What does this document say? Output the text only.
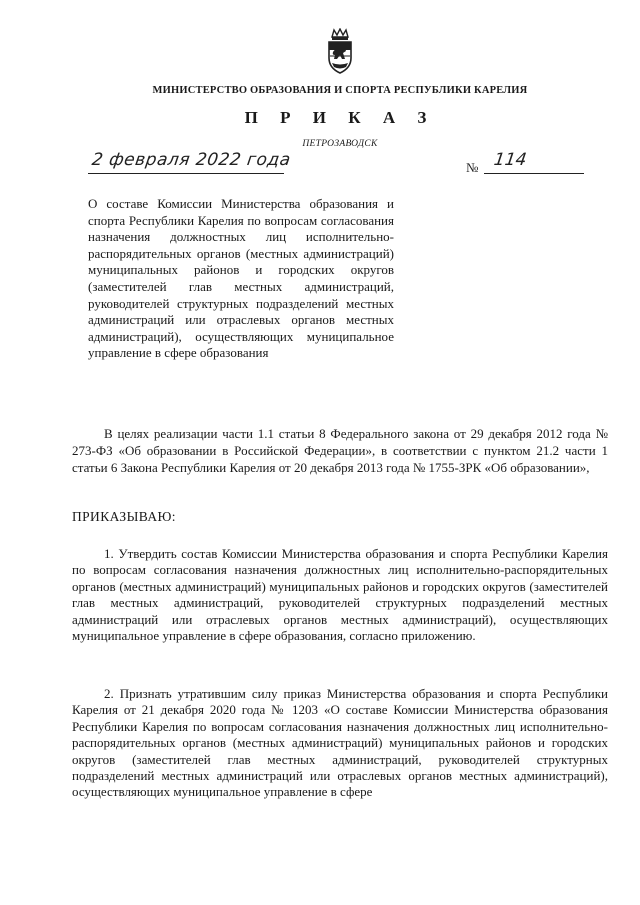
МИНИСТЕРСТВО ОБРАЗОВАНИЯ И СПОРТА РЕСПУБЛИКИ КАРЕЛИЯ
П Р И К А З
ПЕТРОЗАВОДСК
2 февраля 2022 года	№ 114
О составе Комиссии Министерства образования и спорта Республики Карелия по вопросам согласования назначения должностных лиц исполнительно-распорядительных органов (местных администраций) муниципальных районов и городских округов (заместителей глав местных администраций, руководителей структурных подразделений местных администраций или отраслевых органов местных администраций), осуществляющих муниципальное управление в сфере образования
В целях реализации части 1.1 статьи 8 Федерального закона от 29 декабря 2012 года № 273-ФЗ «Об образовании в Российской Федерации», в соответствии с пунктом 21.2 части 1 статьи 6 Закона Республики Карелия от 20 декабря 2013 года № 1755-ЗРК «Об образовании»,
ПРИКАЗЫВАЮ:
1. Утвердить состав Комиссии Министерства образования и спорта Республики Карелия по вопросам согласования назначения должностных лиц исполнительно-распорядительных органов (местных администраций) муниципальных районов и городских округов (заместителей глав местных администраций, руководителей структурных подразделений местных администраций или отраслевых органов местных администраций), осуществляющих муниципальное управление в сфере образования, согласно приложению.
2. Признать утратившим силу приказ Министерства образования и спорта Республики Карелия от 21 декабря 2020 года № 1203 «О составе Комиссии Министерства образования Республики Карелия по вопросам согласования назначения должностных лиц исполнительно-распорядительных органов (местных администраций) муниципальных районов и городских округов (заместителей глав местных администраций, руководителей структурных подразделений местных администраций или отраслевых органов местных администраций), осуществляющих муниципальное управление в сфере
